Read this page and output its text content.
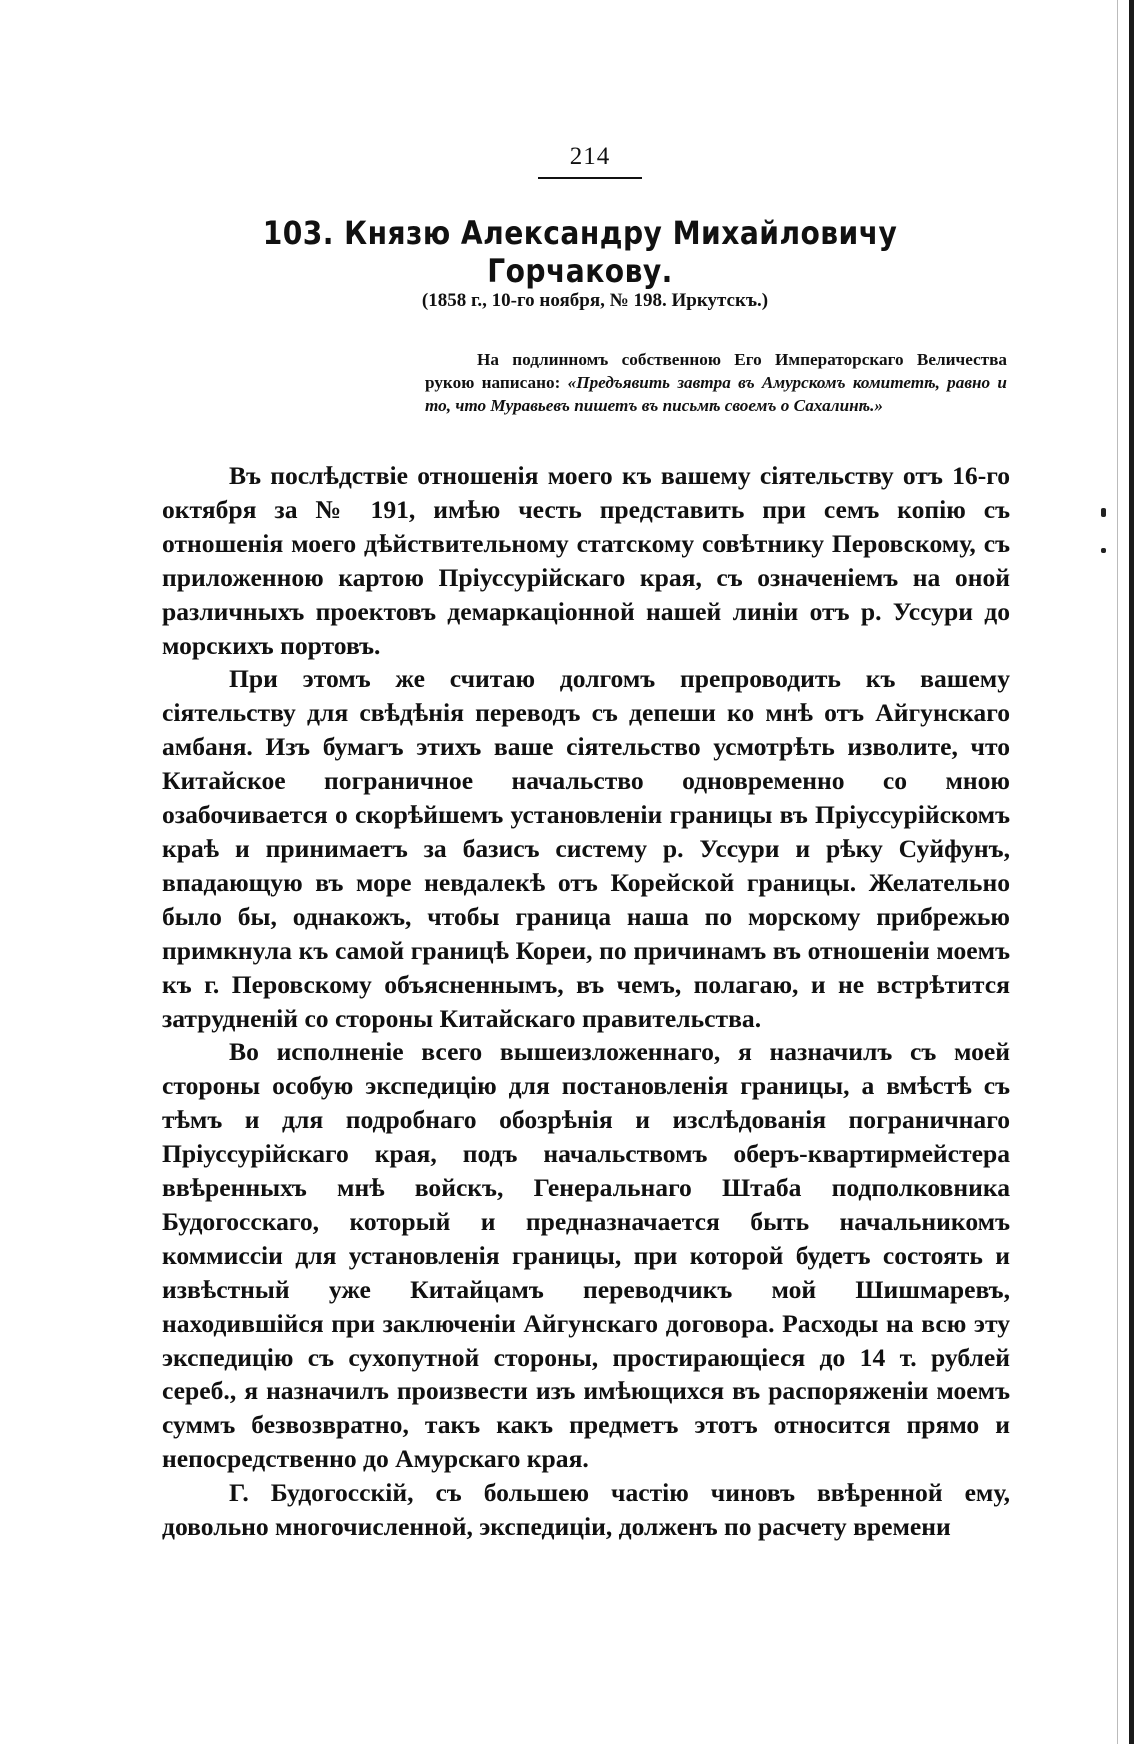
214
103. Князю Александру Михайловичу Горчакову.
(1858 г., 10-го ноября, № 198. Иркутскъ.)
На подлинномъ собственною Его Императорскаго Величества рукою написано: «Предъявить завтра въ Амурскомъ комитетѣ, равно и то, что Муравьевъ пишетъ въ письмѣ своемъ о Сахалинѣ.»

Въ послѣдствіе отношенія моего къ вашему сіятельству отъ 16-го октября за № 191, имѣю честь представить при семъ копію съ отношенія моего дѣйствительному статскому совѣтнику Перовскому, съ приложенною картою Пріуссурійскаго края, съ означеніемъ на оной различныхъ проектовъ демаркаціонной нашей линіи отъ р. Уссури до морскихъ портовъ.

При этомъ же считаю долгомъ препроводить къ вашему сіятельству для свѣдѣнія переводъ съ депеши ко мнѣ отъ Айгунскаго амбаня. Изъ бумагъ этихъ ваше сіятельство усмотрѣть изволите, что Китайское пограничное начальство одновременно со мною озабочивается о скорѣйшемъ установленіи границы въ Пріуссурійскомъ краѣ и принимаетъ за базисъ систему р. Уссури и рѣку Суйфунъ, впадающую въ море невдалекѣ отъ Корейской границы. Желательно было бы, однакожъ, чтобы граница наша по морскому прибрежью примкнула къ самой границѣ Кореи, по причинамъ въ отношеніи моемъ къ г. Перовскому объясненнымъ, въ чемъ, полагаю, и не встрѣтится затрудненій со стороны Китайскаго правительства.

Во исполненіе всего вышеизложеннаго, я назначилъ съ моей стороны особую экспедицію для постановленія границы, а вмѣстѣ съ тѣмъ и для подробнаго обозрѣнія и изслѣдованія пограничнаго Пріуссурійскаго края, подъ начальствомъ оберъ-квартирмейстера ввѣренныхъ мнѣ войскъ, Генеральнаго Штаба подполковника Будогосскаго, который и предназначается быть начальникомъ коммиссіи для установленія границы, при которой будетъ состоять и извѣстный уже Китайцамъ переводчикъ мой Шишмаревъ, находившійся при заключеніи Айгунскаго договора. Расходы на всю эту экспедицію съ сухопутной стороны, простирающіеся до 14 т. рублей сереб., я назначилъ произвести изъ имѣющихся въ распоряженіи моемъ суммъ безвозвратно, такъ какъ предметъ этотъ относится прямо и непосредственно до Амурскаго края.

Г. Будогосскій, съ большею частію чиновъ ввѣренной ему, довольно многочисленной, экспедиціи, долженъ по расчету времени
